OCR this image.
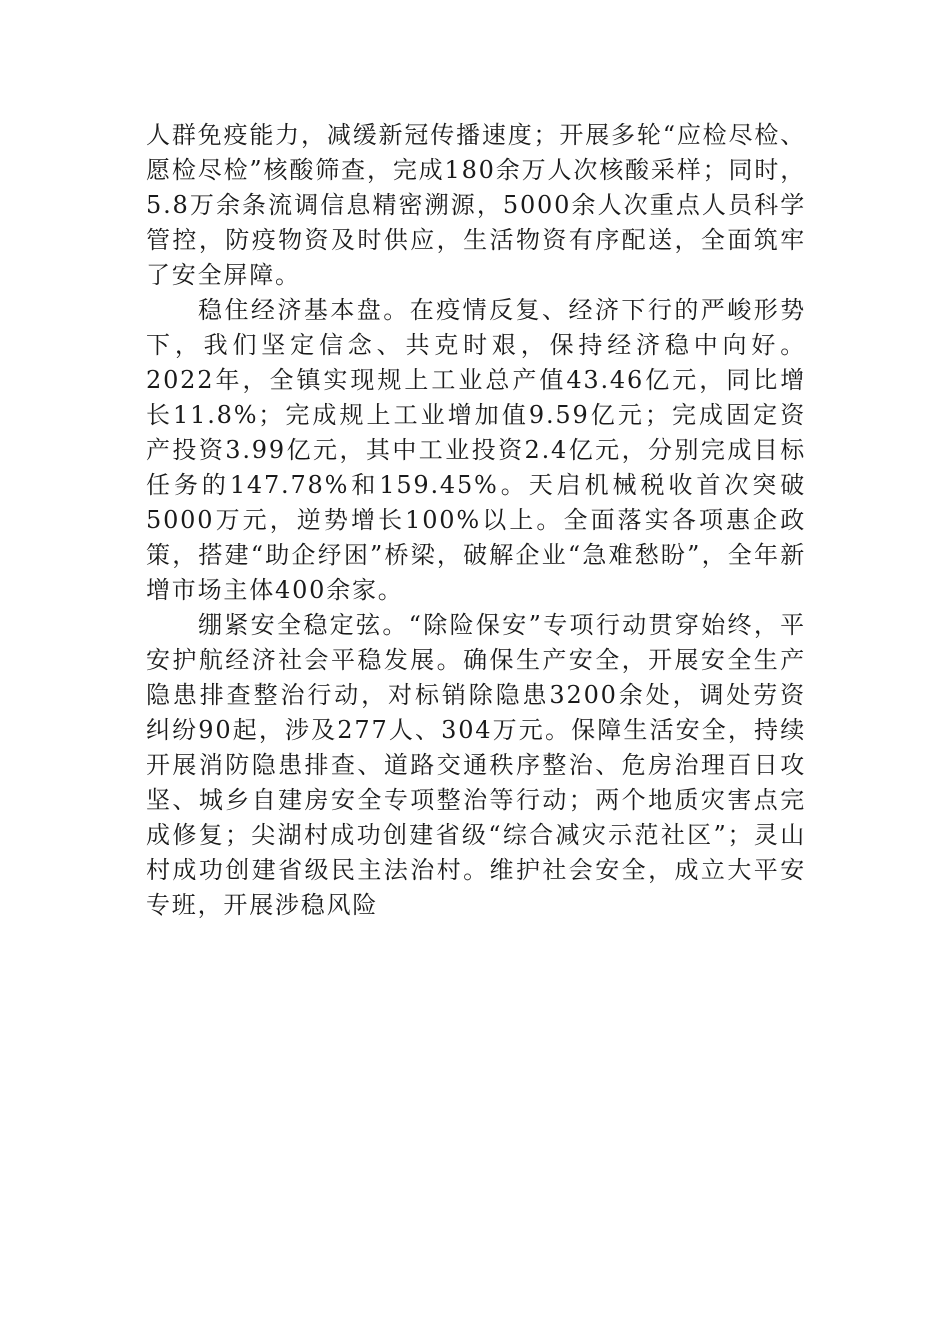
人群免疫能力，减缓新冠传播速度；开展多轮“应检尽检、愿检尽检”核酸筛查，完成180余万人次核酸采样；同时，5.8万余条流调信息精密溯源，5000余人次重点人员科学管控，防疫物资及时供应，生活物资有序配送，全面筑牢了安全屏障。

稳住经济基本盘。在疫情反复、经济下行的严峻形势下，我们坚定信念、共克时艰，保持经济稳中向好。2022年，全镇实现规上工业总产值43.46亿元，同比增长11.8%；完成规上工业增加值9.59亿元；完成固定资产投资3.99亿元，其中工业投资2.4亿元，分别完成目标任务的147.78%和159.45%。天启机械税收首次突破5000万元，逆势增长100%以上。全面落实各项惠企政策，搭建“助企纾困”桥梁，破解企业“急难愁盼”，全年新增市场主体400余家。

绷紧安全稳定弦。“除险保安”专项行动贯穿始终，平安护航经济社会平稳发展。确保生产安全，开展安全生产隐患排查整治行动，对标销除隐患3200余处，调处劳资纠纷90起，涉及277人、304万元。保障生活安全，持续开展消防隐患排查、道路交通秩序整治、危房治理百日攻坚、城乡自建房安全专项整治等行动；两个地质灾害点完成修复；尖湖村成功创建省级“综合减灾示范社区”；灵山村成功创建省级民主法治村。维护社会安全，成立大平安专班，开展涉稳风险
